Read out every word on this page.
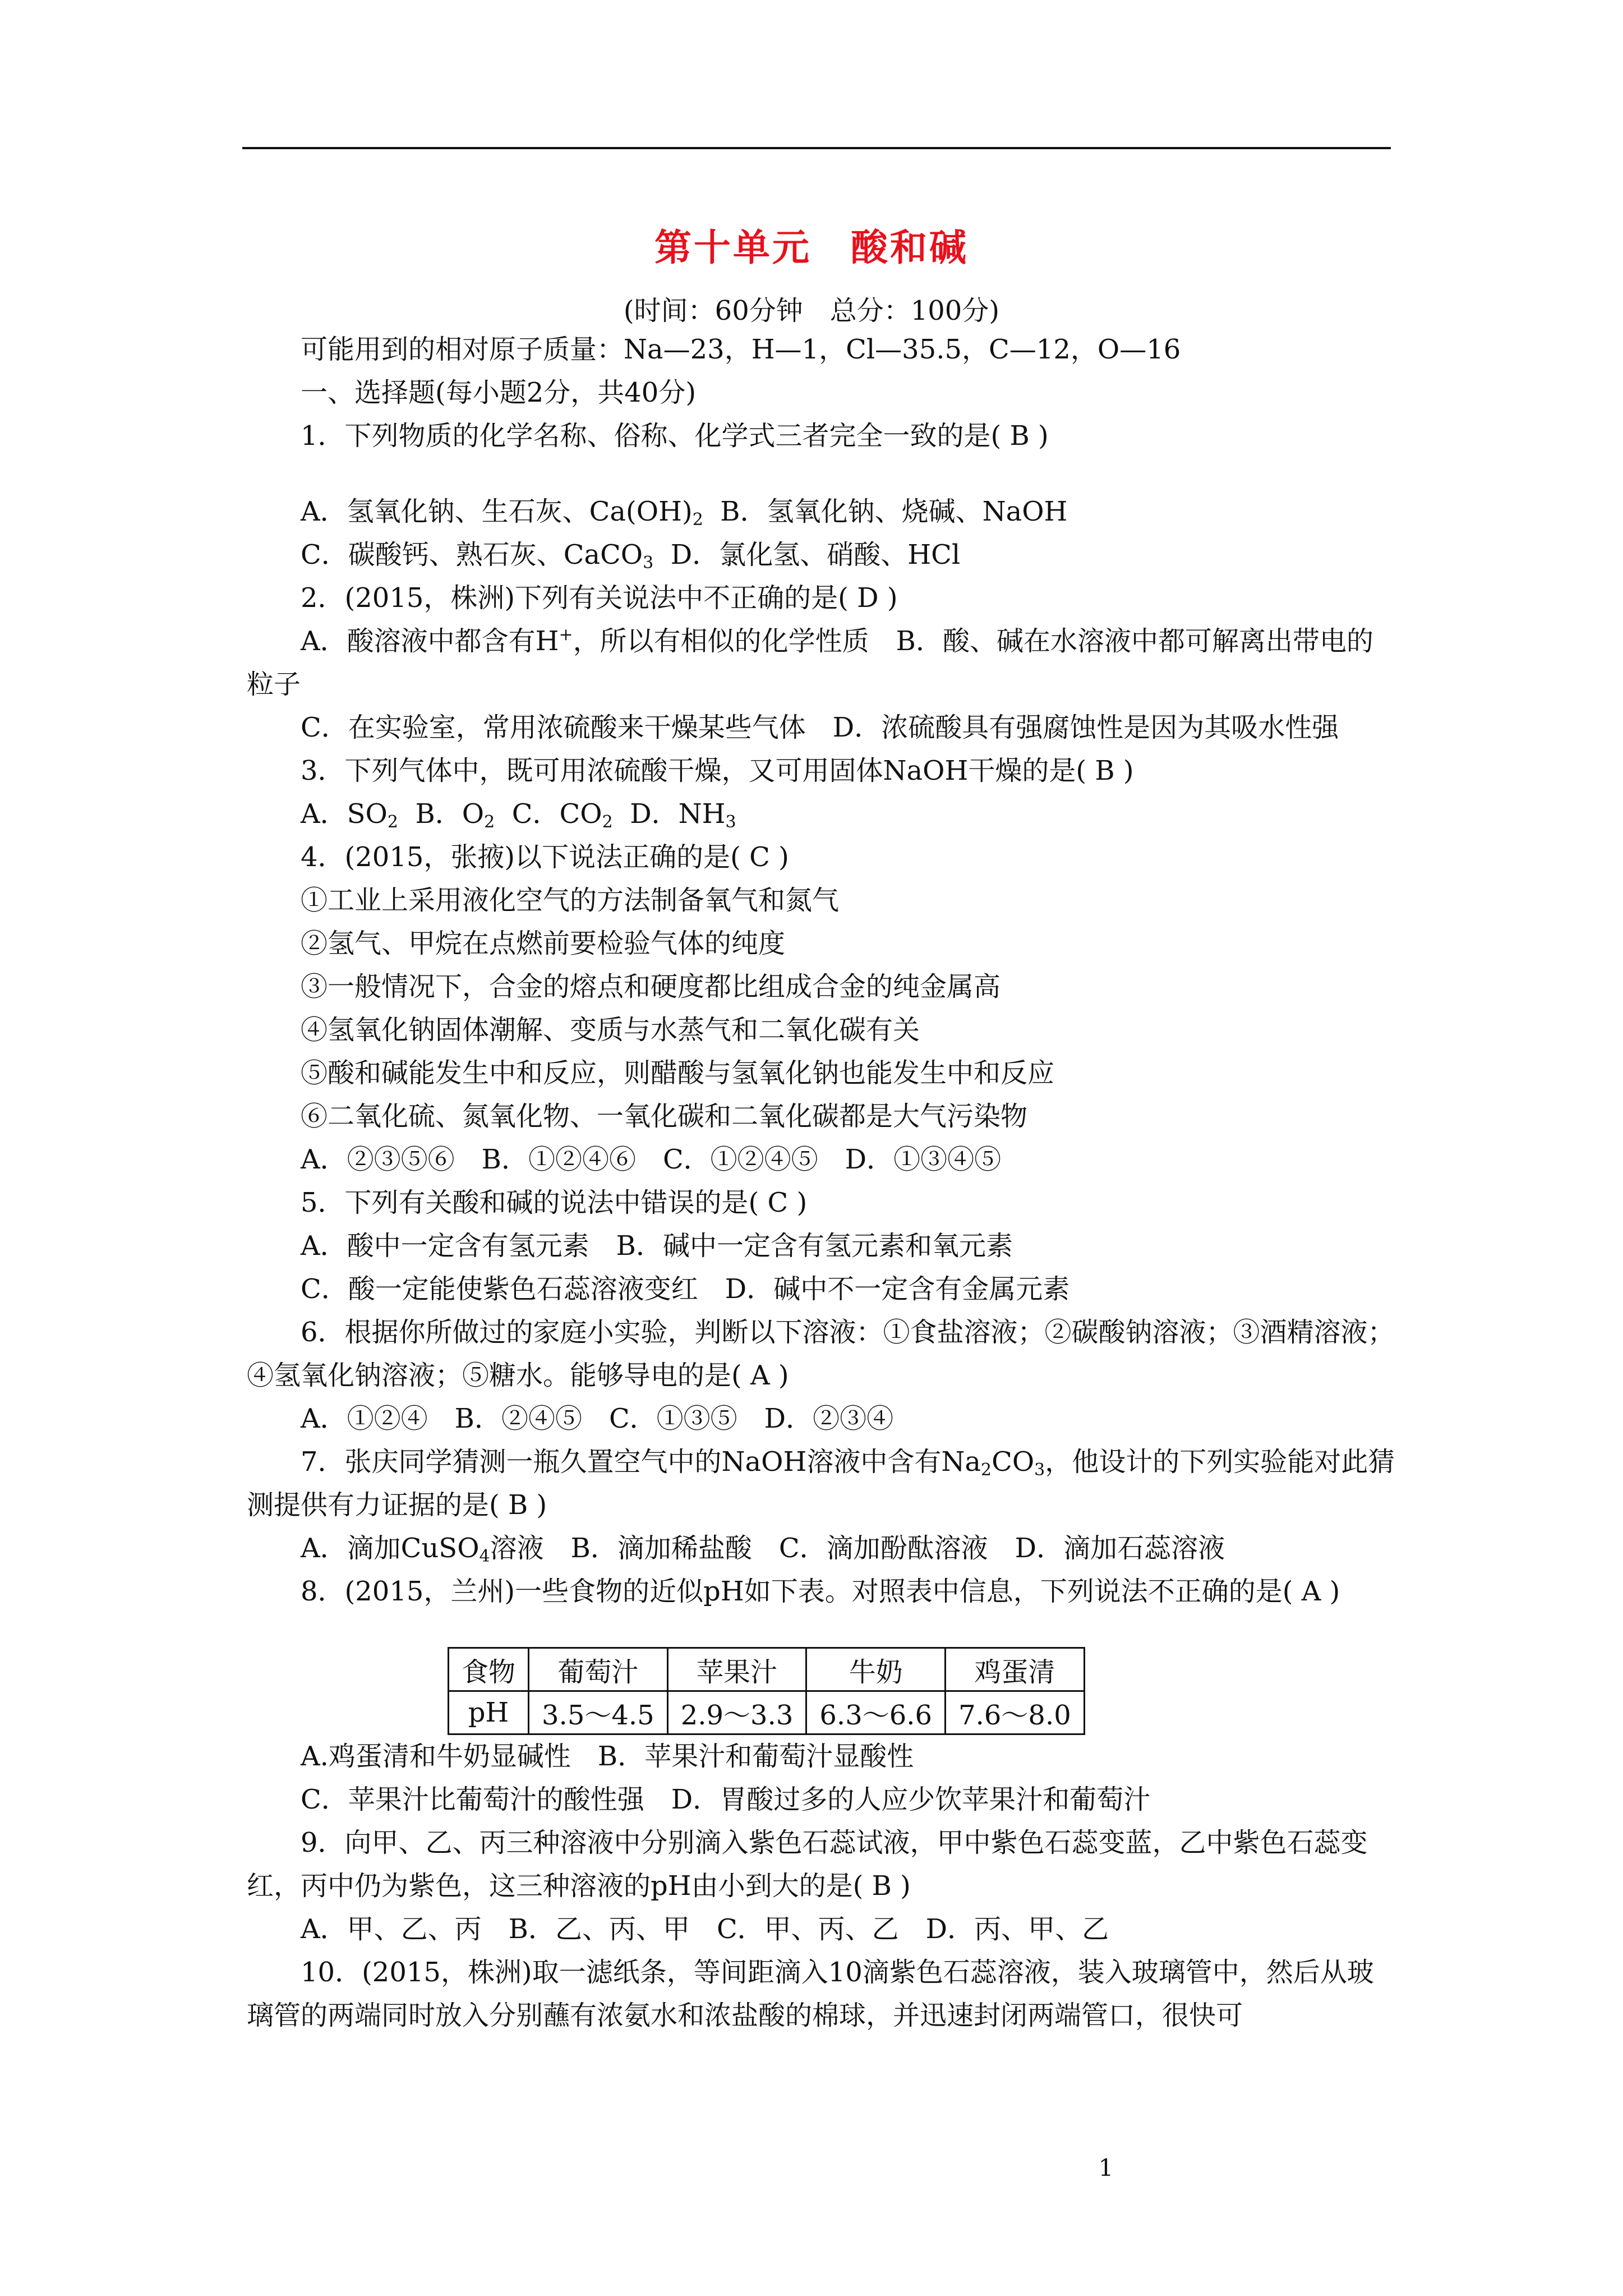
第十单元　酸和碱
(时间：60分钟　总分：100分)
可能用到的相对原子质量：Na—23，H—1，Cl—35.5，C—12，O—16
一、选择题(每小题2分，共40分)
1．下列物质的化学名称、俗称、化学式三者完全一致的是( B )
A．氢氧化钠、生石灰、$Ca(OH)_2$  B．氢氧化钠、烧碱、NaOH
C．碳酸钙、熟石灰、CaCO$_3$  D．氯化氢、硝酸、HCl
2．(2015，株洲)下列有关说法中不正确的是( D )
A．酸溶液中都含有H+，所以有相似的化学性质　B．酸、碱在水溶液中都可解离出带电的粒子
C．在实验室，常用浓硫酸来干燥某些气体　D．浓硫酸具有强腐蚀性是因为其吸水性强
3．下列气体中，既可用浓硫酸干燥，又可用固体NaOH干燥的是( B )
A．$SO_2$  B．$O_2$  C．$CO_2$  D．$NH_3$
4．(2015，张掖)以下说法正确的是( C )
①工业上采用液化空气的方法制备氧气和氮气
②氢气、甲烷在点燃前要检验气体的纯度
③一般情况下，合金的熔点和硬度都比组成合金的纯金属高
④氢氧化钠固体潮解、变质与水蒸气和二氧化碳有关
⑤酸和碱能发生中和反应，则醋酸与氢氧化钠也能发生中和反应
⑥二氧化硫、氮氧化物、一氧化碳和二氧化碳都是大气污染物
A．②③⑤⑥　B．①②④⑥　C．①②④⑤　D．①③④⑤
5．下列有关酸和碱的说法中错误的是( C )
A．酸中一定含有氢元素　B．碱中一定含有氢元素和氧元素
C．酸一定能使紫色石蕊溶液变红　D．碱中不一定含有金属元素
6．根据你所做过的家庭小实验，判断以下溶液：①食盐溶液；②碳酸钠溶液；③酒精溶液；④氢氧化钠溶液；⑤糖水。能够导电的是( A )
A．①②④　B．②④⑤　C．①③⑤　D．②③④
7．张庆同学猜测一瓶久置空气中的NaOH溶液中含有$Na_2CO_3$，他设计的下列实验能对此猜测提供有力证据的是( B )
A．滴加CuSO$_4$溶液　B．滴加稀盐酸　C．滴加酚酞溶液　D．滴加石蕊溶液
8．(2015，兰州)一些食物的近似pH如下表。对照表中信息，下列说法不正确的是( A )
食物	葡萄汁	苹果汁	牛奶	鸡蛋清
pH	3.5～4.5	2.9～3.3	6.3～6.6	7.6～8.0
A.鸡蛋清和牛奶显碱性　B．苹果汁和葡萄汁显酸性
C．苹果汁比葡萄汁的酸性强　D．胃酸过多的人应少饮苹果汁和葡萄汁
9．向甲、乙、丙三种溶液中分别滴入紫色石蕊试液，甲中紫色石蕊变蓝，乙中紫色石蕊变红，丙中仍为紫色，这三种溶液的pH由小到大的是( B )
A．甲、乙、丙　B．乙、丙、甲　C．甲、丙、乙　D．丙、甲、乙
10．(2015，株洲)取一滤纸条，等间距滴入10滴紫色石蕊溶液，装入玻璃管中，然后从玻璃管的两端同时放入分别蘸有浓氨水和浓盐酸的棉球，并迅速封闭两端管口，很快可
1
